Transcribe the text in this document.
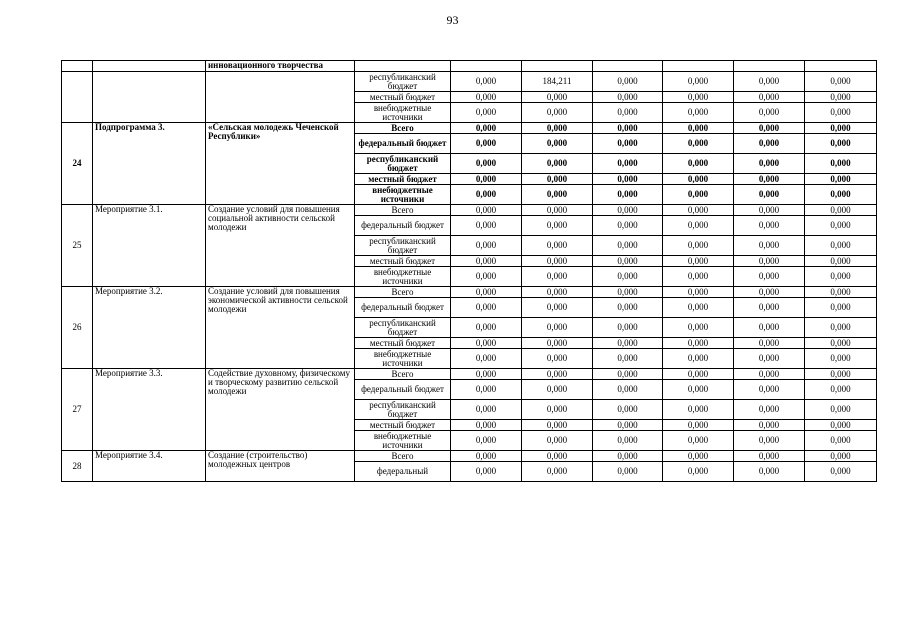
93
		инновационного творчества							
			республиканский бюджет	0,000	184,211	0,000	0,000	0,000	0,000
			местный бюджет	0,000	0,000	0,000	0,000	0,000	0,000
			внебюджетные источники	0,000	0,000	0,000	0,000	0,000	0,000
24	Подпрограмма 3.	«Сельская молодежь Чеченской Республики»	Всего	0,000	0,000	0,000	0,000	0,000	0,000
			федеральный бюджет	0,000	0,000	0,000	0,000	0,000	0,000
			республиканский бюджет	0,000	0,000	0,000	0,000	0,000	0,000
			местный бюджет	0,000	0,000	0,000	0,000	0,000	0,000
			внебюджетные источники	0,000	0,000	0,000	0,000	0,000	0,000
25	Мероприятие 3.1.	Создание условий для повышения социальной активности сельской молодежи	Всего	0,000	0,000	0,000	0,000	0,000	0,000
			федеральный бюджет	0,000	0,000	0,000	0,000	0,000	0,000
			республиканский бюджет	0,000	0,000	0,000	0,000	0,000	0,000
			местный бюджет	0,000	0,000	0,000	0,000	0,000	0,000
			внебюджетные источники	0,000	0,000	0,000	0,000	0,000	0,000
26	Мероприятие 3.2.	Создание условий для повышения экономической активности сельской молодежи	Всего	0,000	0,000	0,000	0,000	0,000	0,000
			федеральный бюджет	0,000	0,000	0,000	0,000	0,000	0,000
			республиканский бюджет	0,000	0,000	0,000	0,000	0,000	0,000
			местный бюджет	0,000	0,000	0,000	0,000	0,000	0,000
			внебюджетные источники	0,000	0,000	0,000	0,000	0,000	0,000
27	Мероприятие 3.3.	Содействие духовному, физическому и творческому развитию сельской молодежи	Всего	0,000	0,000	0,000	0,000	0,000	0,000
			федеральный бюджет	0,000	0,000	0,000	0,000	0,000	0,000
			республиканский бюджет	0,000	0,000	0,000	0,000	0,000	0,000
			местный бюджет	0,000	0,000	0,000	0,000	0,000	0,000
			внебюджетные источники	0,000	0,000	0,000	0,000	0,000	0,000
28	Мероприятие 3.4.	Создание (строительство) молодежных центров	Всего	0,000	0,000	0,000	0,000	0,000	0,000
			федеральный	0,000	0,000	0,000	0,000	0,000	0,000
